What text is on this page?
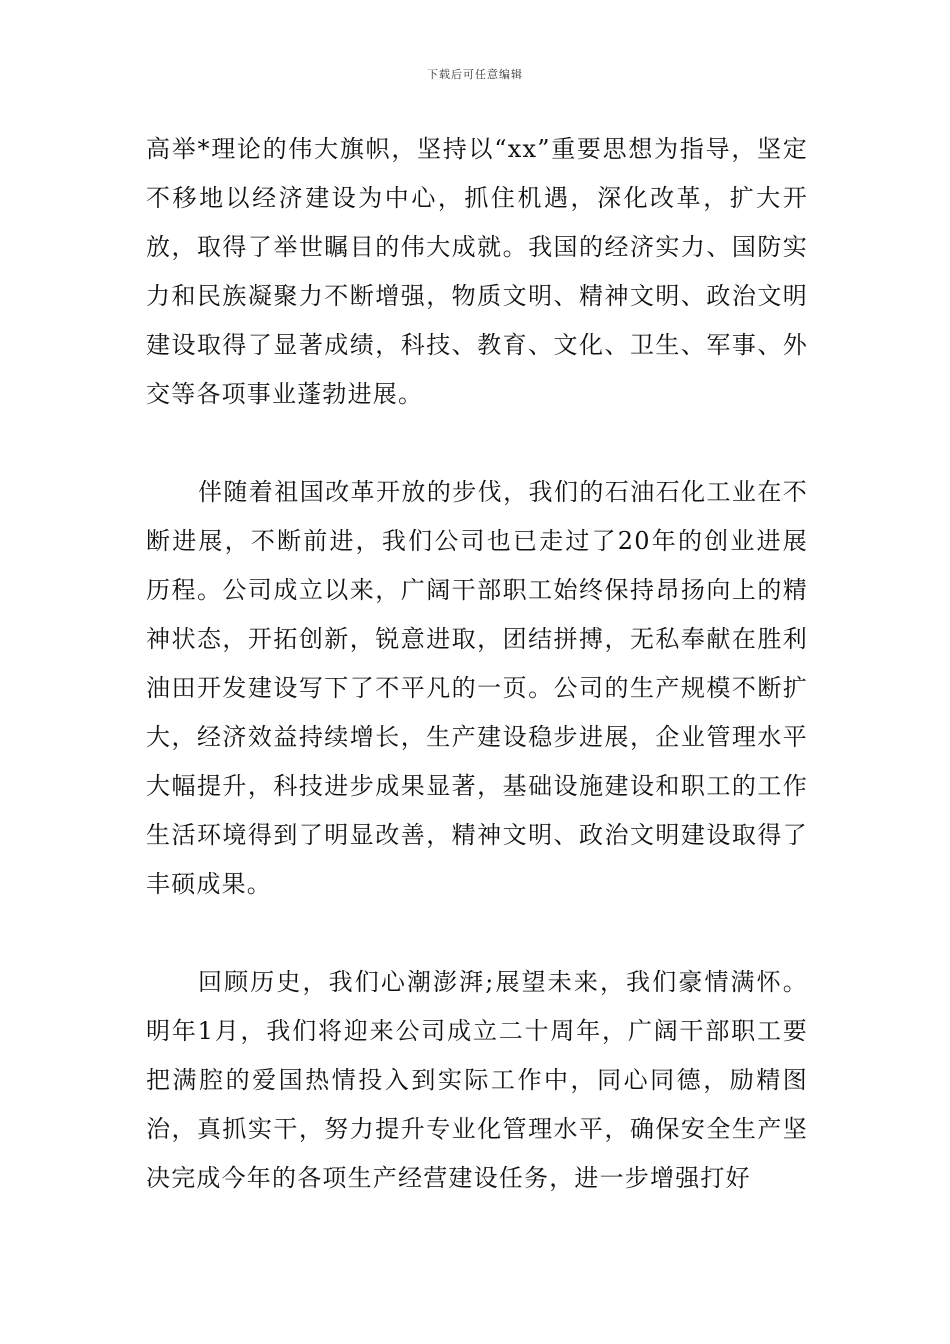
下载后可任意编辑

高举*理论的伟大旗帜，坚持以“xx”重要思想为指导，坚定不移地以经济建设为中心，抓住机遇，深化改革，扩大开放，取得了举世瞩目的伟大成就。我国的经济实力、国防实力和民族凝聚力不断增强，物质文明、精神文明、政治文明建设取得了显著成绩，科技、教育、文化、卫生、军事、外交等各项事业蓬勃进展。

伴随着祖国改革开放的步伐，我们的石油石化工业在不断进展，不断前进，我们公司也已走过了20年的创业进展历程。公司成立以来，广阔干部职工始终保持昂扬向上的精神状态，开拓创新，锐意进取，团结拼搏，无私奉献在胜利油田开发建设写下了不平凡的一页。公司的生产规模不断扩大，经济效益持续增长，生产建设稳步进展，企业管理水平大幅提升，科技进步成果显著，基础设施建设和职工的工作生活环境得到了明显改善，精神文明、政治文明建设取得了丰硕成果。

回顾历史，我们心潮澎湃;展望未来，我们豪情满怀。明年1月，我们将迎来公司成立二十周年，广阔干部职工要把满腔的爱国热情投入到实际工作中，同心同德，励精图治，真抓实干，努力提升专业化管理水平，确保安全生产坚决完成今年的各项生产经营建设任务，进一步增强打好
